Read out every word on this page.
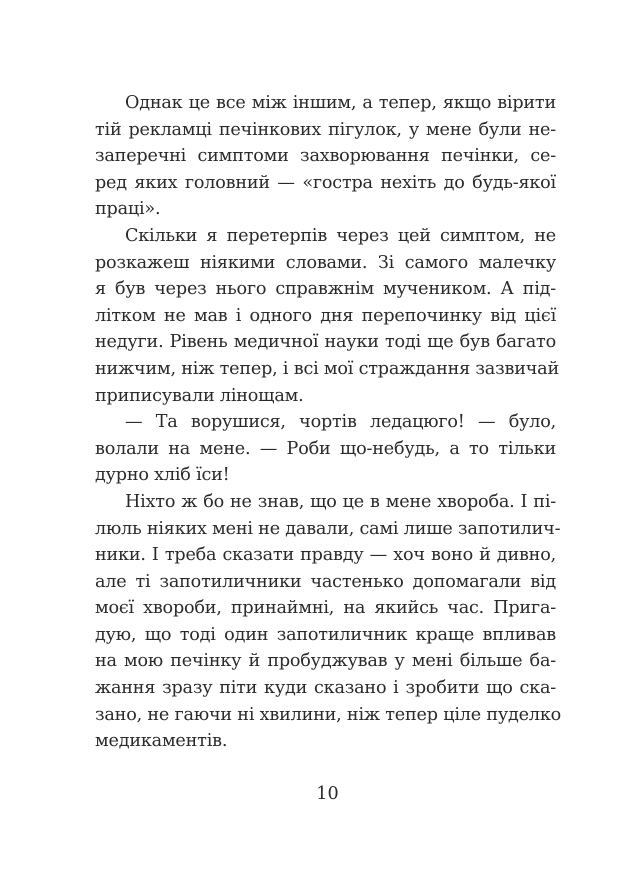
Однак це все між іншим, а тепер, якщо вірити
тій рекламці печінкових пігулок, у мене були не-
заперечні симптоми захворювання печінки, се-
ред яких головний — «гостра нехіть до будь-якої
праці».
Скільки я перетерпів через цей симптом, не
розкажеш ніякими словами. Зі самого малечку
я був через нього справжнім мучеником. А під-
літком не мав і одного дня перепочинку від цієї
недуги. Рівень медичної науки тоді ще був багато
нижчим, ніж тепер, і всі мої страждання зазвичай
приписували лінощам.
— Та ворушися, чортів ледацюго! — було,
волали на мене. — Роби що-небудь, а то тільки
дурно хліб їси!
Ніхто ж бо не знав, що це в мене хвороба. І пі-
люль ніяких мені не давали, самі лише запотилич-
ники. І треба сказати правду — хоч воно й дивно,
але ті запотиличники частенько допомагали від
моєї хвороби, принаймні, на якийсь час. Прига-
дую, що тоді один запотиличник краще впливав
на мою печінку й пробуджував у мені більше ба-
жання зразу піти куди сказано і зробити що ска-
зано, не гаючи ні хвилини, ніж тепер ціле пуделко
медикаментів.
10
